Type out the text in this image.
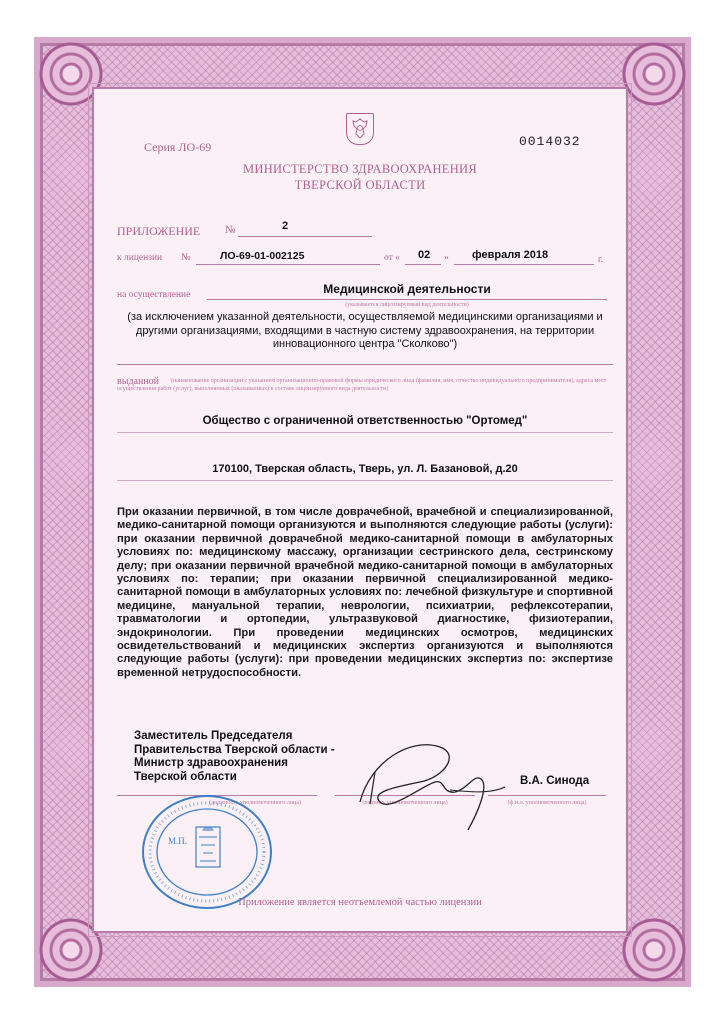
Серия ЛО-69	0014032
МИНИСТЕРСТВО ЗДРАВООХРАНЕНИЯ
ТВЕРСКОЙ ОБЛАСТИ
ПРИЛОЖЕНИЕ №	2
к лицензии №	ЛО-69-01-002125	от « 02 » февраля 2018	г.
на осуществление	Медицинской деятельности
(указывается лицензируемый вид деятельности)
(за исключением указанной деятельности, осуществляемой медицинскими организациями и другими организациями, входящими в частную систему здравоохранения, на территории инновационного центра "Сколково")
выданной	(наименование организации с указанием организационно-правовой формы юридического лица (фамилия, имя, отчество индивидуального предпринимателя), адреса мест осуществления работ (услуг), выполняемых (оказываемых) в составе лицензируемого вида деятельности)
Общество с ограниченной ответственностью "Ортомед"
170100, Тверская область, Тверь, ул. Л. Базановой, д.20
При оказании первичной, в том числе доврачебной, врачебной и специализированной, медико-санитарной помощи организуются и выполняются следующие работы (услуги): при оказании первичной доврачебной медико-санитарной помощи в амбулаторных условиях по: медицинскому массажу, организации сестринского дела, сестринскому делу; при оказании первичной врачебной медико-санитарной помощи в амбулаторных условиях по: терапии; при оказании первичной специализированной медико-санитарной помощи в амбулаторных условиях по: лечебной физкультуре и спортивной медицине, мануальной терапии, неврологии, психиатрии, рефлексотерапии, травматологии и ортопедии, ультразвуковой диагностике, физиотерапии, эндокринологии. При проведении медицинских осмотров, медицинских освидетельствований и медицинских экспертиз организуются и выполняются следующие работы (услуги): при проведении медицинских экспертиз по: экспертизе временной нетрудоспособности.
Заместитель Председателя
Правительства Тверской области -
Министр здравоохранения
Тверской области	В.А. Синода
(должность уполномоченного лица)	(подпись уполномоченного лица)	(ф.и.о. уполномоченного лица)
М.П.
Приложение является неотъемлемой частью лицензии
